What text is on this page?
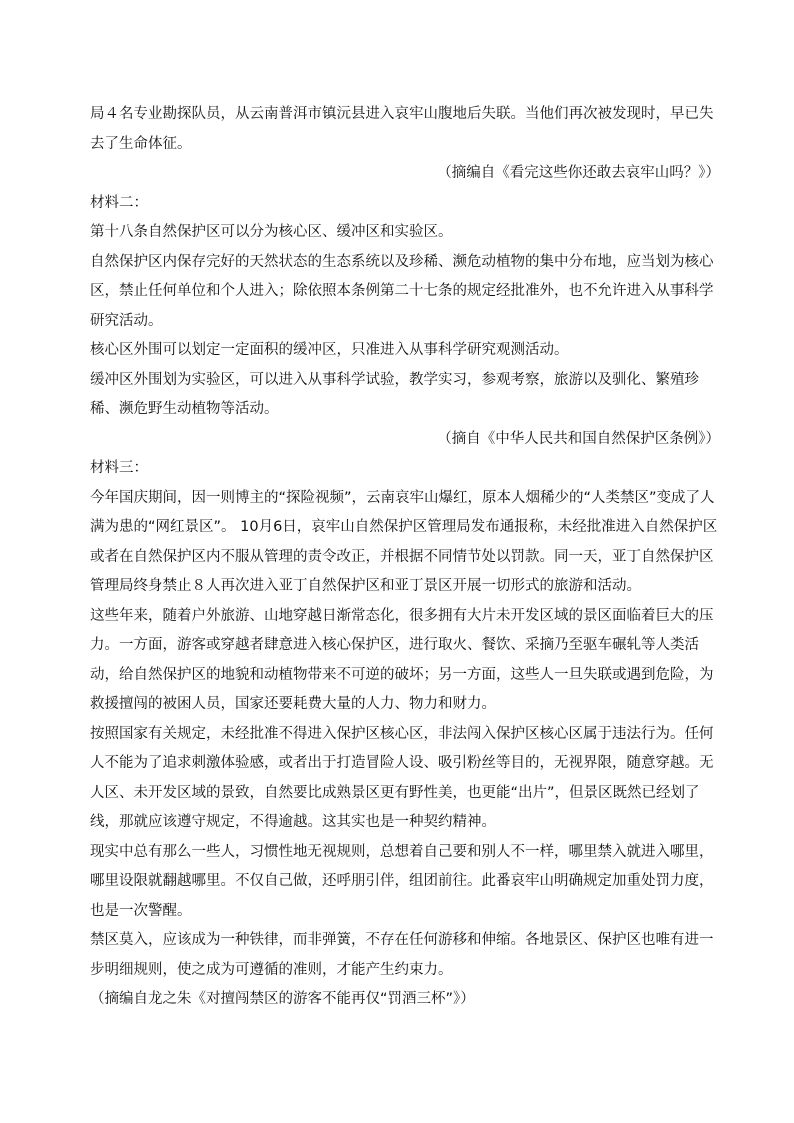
局４名专业勘探队员，从云南普洱市镇沅县进入哀牢山腹地后失联。当他们再次被发现时，早已失去了生命体征。

（摘编自《看完这些你还敢去哀牢山吗？》）

材料二：

第十八条自然保护区可以分为核心区、缓冲区和实验区。

自然保护区内保存完好的天然状态的生态系统以及珍稀、濒危动植物的集中分布地，应当划为核心区，禁止任何单位和个人进入；除依照本条例第二十七条的规定经批准外，也不允许进入从事科学研究活动。

核心区外围可以划定一定面积的缓冲区，只准进入从事科学研究观测活动。

缓冲区外围划为实验区，可以进入从事科学试验，教学实习，参观考察，旅游以及驯化、繁殖珍稀、濒危野生动植物等活动。

（摘自《中华人民共和国自然保护区条例》）

材料三：

今年国庆期间，因一则博主的“探险视频”，云南哀牢山爆红，原本人烟稀少的“人类禁区”变成了人满为患的“网红景区”。 10月6日，哀牢山自然保护区管理局发布通报称，未经批准进入自然保护区或者在自然保护区内不服从管理的责令改正，并根据不同情节处以罚款。同一天，亚丁自然保护区管理局终身禁止８人再次进入亚丁自然保护区和亚丁景区开展一切形式的旅游和活动。

这些年来，随着户外旅游、山地穿越日渐常态化，很多拥有大片未开发区域的景区面临着巨大的压力。一方面，游客或穿越者肆意进入核心保护区，进行取火、餐饮、采摘乃至驱车碾轧等人类活动，给自然保护区的地貌和动植物带来不可逆的破坏；另一方面，这些人一旦失联或遇到危险，为救援擅闯的被困人员，国家还要耗费大量的人力、物力和财力。

按照国家有关规定，未经批准不得进入保护区核心区，非法闯入保护区核心区属于违法行为。任何人不能为了追求刺激体验感，或者出于打造冒险人设、吸引粉丝等目的，无视界限，随意穿越。无人区、未开发区域的景致，自然要比成熟景区更有野性美，也更能“出片”，但景区既然已经划了线，那就应该遵守规定，不得逾越。这其实也是一种契约精神。

现实中总有那么一些人，习惯性地无视规则，总想着自己要和别人不一样，哪里禁入就进入哪里，哪里设限就翻越哪里。不仅自己做，还呼朋引伴，组团前往。此番哀牢山明确规定加重处罚力度，也是一次警醒。

禁区莫入，应该成为一种铁律，而非弹簧，不存在任何游移和伸缩。各地景区、保护区也唯有进一步明细规则，使之成为可遵循的准则，才能产生约束力。

（摘编自龙之朱《对擅闯禁区的游客不能再仅“罚酒三杯”》）
